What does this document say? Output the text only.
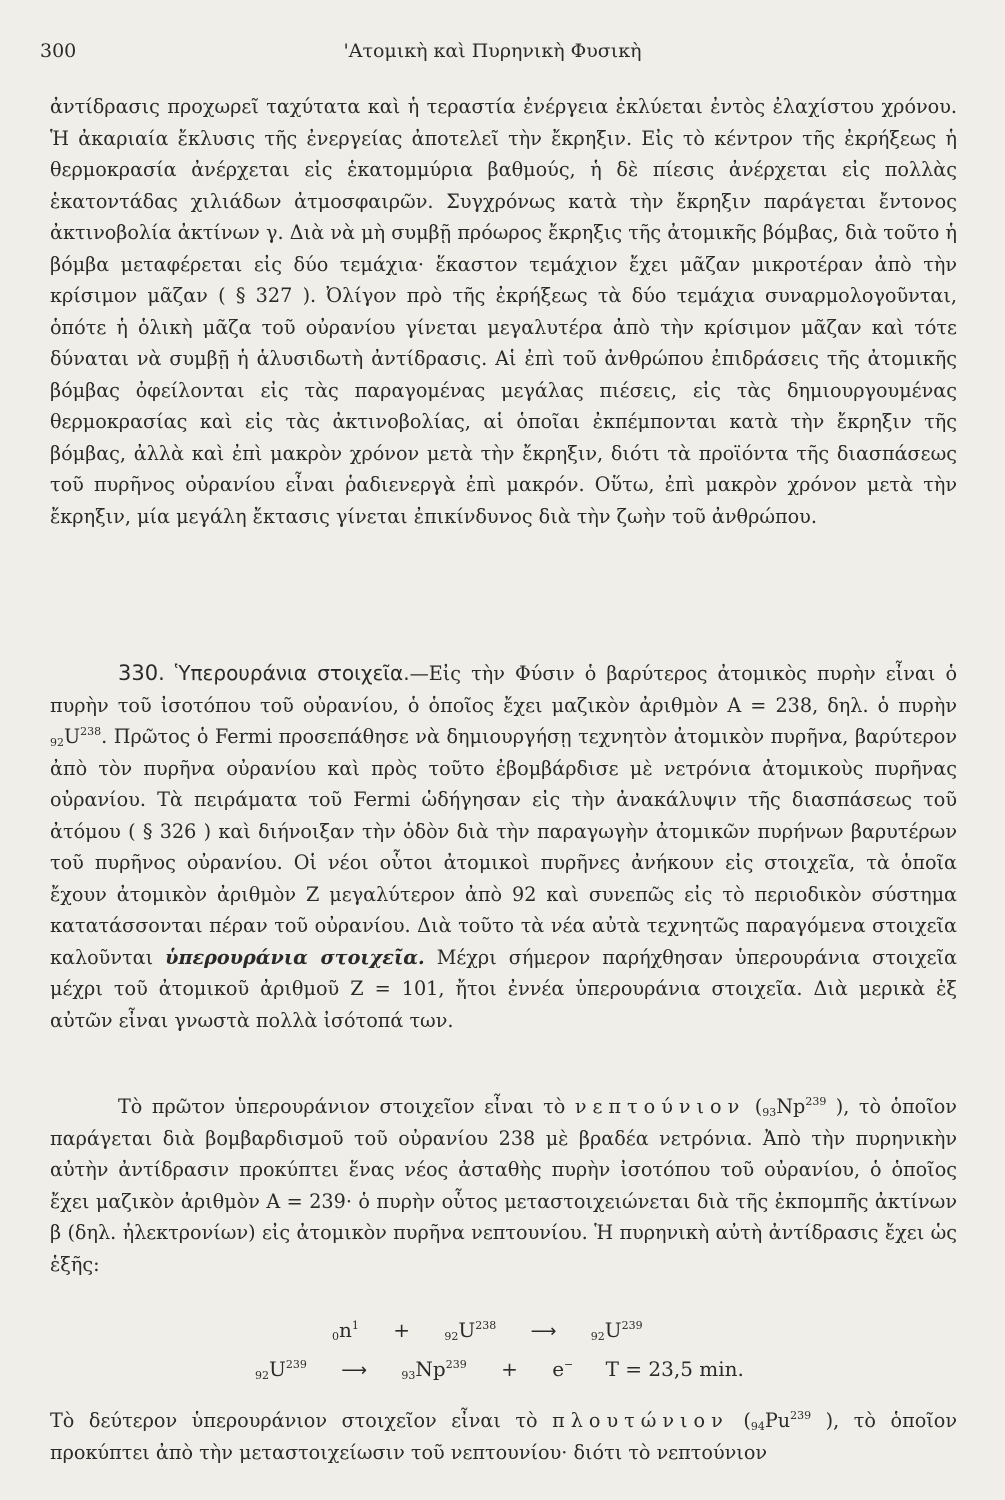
300	'Ατομικὴ καὶ Πυρηνικὴ Φυσικὴ
ἀντίδρασις προχωρεῖ ταχύτατα καὶ ἡ τεραστία ἐνέργεια ἐκλύεται ἐντὸς ἐλαχίστου χρόνου. Ἡ ἀκαριαία ἔκλυσις τῆς ἐνεργείας ἀποτελεῖ τὴν ἔκρηξιν. Εἰς τὸ κέντρον τῆς ἐκρήξεως ἡ θερμοκρασία ἀνέρχεται εἰς ἑκατομμύρια βαθμούς, ἡ δὲ πίεσις ἀνέρχεται εἰς πολλὰς ἑκατοντάδας χιλιάδων ἀτμοσφαιρῶν. Συγχρόνως κατὰ τὴν ἔκρηξιν παράγεται ἔντονος ἀκτινοβολία ἀκτίνων γ. Διὰ νὰ μὴ συμβῇ πρόωρος ἔκρηξις τῆς ἀτομικῆς βόμβας, διὰ τοῦτο ἡ βόμβα μεταφέρεται εἰς δύο τεμάχια· ἕκαστον τεμάχιον ἔχει μᾶζαν μικροτέραν ἀπὸ τὴν κρίσιμον μᾶζαν ( § 327 ). Ὀλίγον πρὸ τῆς ἐκρήξεως τὰ δύο τεμάχια συναρμολογοῦνται, ὁπότε ἡ ὁλικὴ μᾶζα τοῦ οὐρανίου γίνεται μεγαλυτέρα ἀπὸ τὴν κρίσιμον μᾶζαν καὶ τότε δύναται νὰ συμβῇ ἡ ἁλυσιδωτὴ ἀντίδρασις. Αἱ ἐπὶ τοῦ ἀνθρώπου ἐπιδράσεις τῆς ἀτομικῆς βόμβας ὀφείλονται εἰς τὰς παραγομένας μεγάλας πιέσεις, εἰς τὰς δημιουργουμένας θερμοκρασίας καὶ εἰς τὰς ἀκτινοβολίας, αἱ ὁποῖαι ἐκπέμπονται κατὰ τὴν ἔκρηξιν τῆς βόμβας, ἀλλὰ καὶ ἐπὶ μακρὸν χρόνον μετὰ τὴν ἔκρηξιν, διότι τὰ προϊόντα τῆς διασπάσεως τοῦ πυρῆνος οὐρανίου εἶναι ῥαδιενεργὰ ἐπὶ μακρόν. Οὕτω, ἐπὶ μακρὸν χρόνον μετὰ τὴν ἔκρηξιν, μία μεγάλη ἔκτασις γίνεται ἐπικίνδυνος διὰ τὴν ζωὴν τοῦ ἀνθρώπου.
330. Ὑπερουράνια στοιχεῖα.—Εἰς τὴν Φύσιν ὁ βαρύτερος ἀτομικὸς πυρὴν εἶναι ὁ πυρὴν τοῦ ἰσοτόπου τοῦ οὐρανίου, ὁ ὁποῖος ἔχει μαζικὸν ἀριθμὸν Α = 238, δηλ. ὁ πυρὴν $_{92}U^{238}$. Πρῶτος ὁ Fermi προσεπάθησε νὰ δημιουργήσῃ τεχνητὸν ἀτομικὸν πυρῆνα, βαρύτερον ἀπὸ τὸν πυρῆνα οὐρανίου καὶ πρὸς τοῦτο ἐβομβάρδισε μὲ νετρόνια ἀτομικοὺς πυρῆνας οὐρανίου. Τὰ πειράματα τοῦ Fermi ὡδήγησαν εἰς τὴν ἀνακάλυψιν τῆς διασπάσεως τοῦ ἀτόμου ( § 326 ) καὶ διήνοιξαν τὴν ὁδὸν διὰ τὴν παραγωγὴν ἀτομικῶν πυρήνων βαρυτέρων τοῦ πυρῆνος οὐρανίου. Οἱ νέοι οὗτοι ἀτομικοὶ πυρῆνες ἀνήκουν εἰς στοιχεῖα, τὰ ὁποῖα ἔχουν ἀτομικὸν ἀριθμὸν Ζ μεγαλύτερον ἀπὸ 92 καὶ συνεπῶς εἰς τὸ περιοδικὸν σύστημα κατατάσσονται πέραν τοῦ οὐρανίου. Διὰ τοῦτο τὰ νέα αὐτὰ τεχνητῶς παραγόμενα στοιχεῖα καλοῦνται ὑπερουράνια στοιχεῖα. Μέχρι σήμερον παρήχθησαν ὑπερουράνια στοιχεῖα μέχρι τοῦ ἀτομικοῦ ἀριθμοῦ Ζ = 101, ἤτοι ἐννέα ὑπερουράνια στοιχεῖα. Διὰ μερικὰ ἐξ αὐτῶν εἶναι γνωστὰ πολλὰ ἰσότοπά των.
Τὸ πρῶτον ὑπερουράνιον στοιχεῖον εἶναι τὸ νεπτούνιον ($_{93}Np^{239}$ ), τὸ ὁποῖον παράγεται διὰ βομβαρδισμοῦ τοῦ οὐρανίου 238 μὲ βραδέα νετρόνια. Ἀπὸ τὴν πυρηνικὴν αὐτὴν ἀντίδρασιν προκύπτει ἕνας νέος ἀσταθὴς πυρὴν ἰσοτόπου τοῦ οὐρανίου, ὁ ὁποῖος ἔχει μαζικὸν ἀριθμὸν Α = 239· ὁ πυρὴν οὗτος μεταστοιχειώνεται διὰ τῆς ἐκπομπῆς ἀκτίνων β (δηλ. ἠλεκτρονίων) εἰς ἀτομικὸν πυρῆνα νεπτουνίου. Ἡ πυρηνικὴ αὐτὴ ἀντίδρασις ἔχει ὡς ἑξῆς:
$_0n^1$ +	$_{92}U^{238}$ ⟶	$_{92}U^{239}$
$_{92}U^{239}$ ⟶	$_{93}Np^{239} + e^-$ T = 23,5 min.
Τὸ δεύτερον ὑπερουράνιον στοιχεῖον εἶναι τὸ πλουτώνιον ($_{94}Pu^{239}$ ), τὸ ὁποῖον προκύπτει ἀπὸ τὴν μεταστοιχείωσιν τοῦ νεπτουνίου· διότι τὸ νεπτούνιον
